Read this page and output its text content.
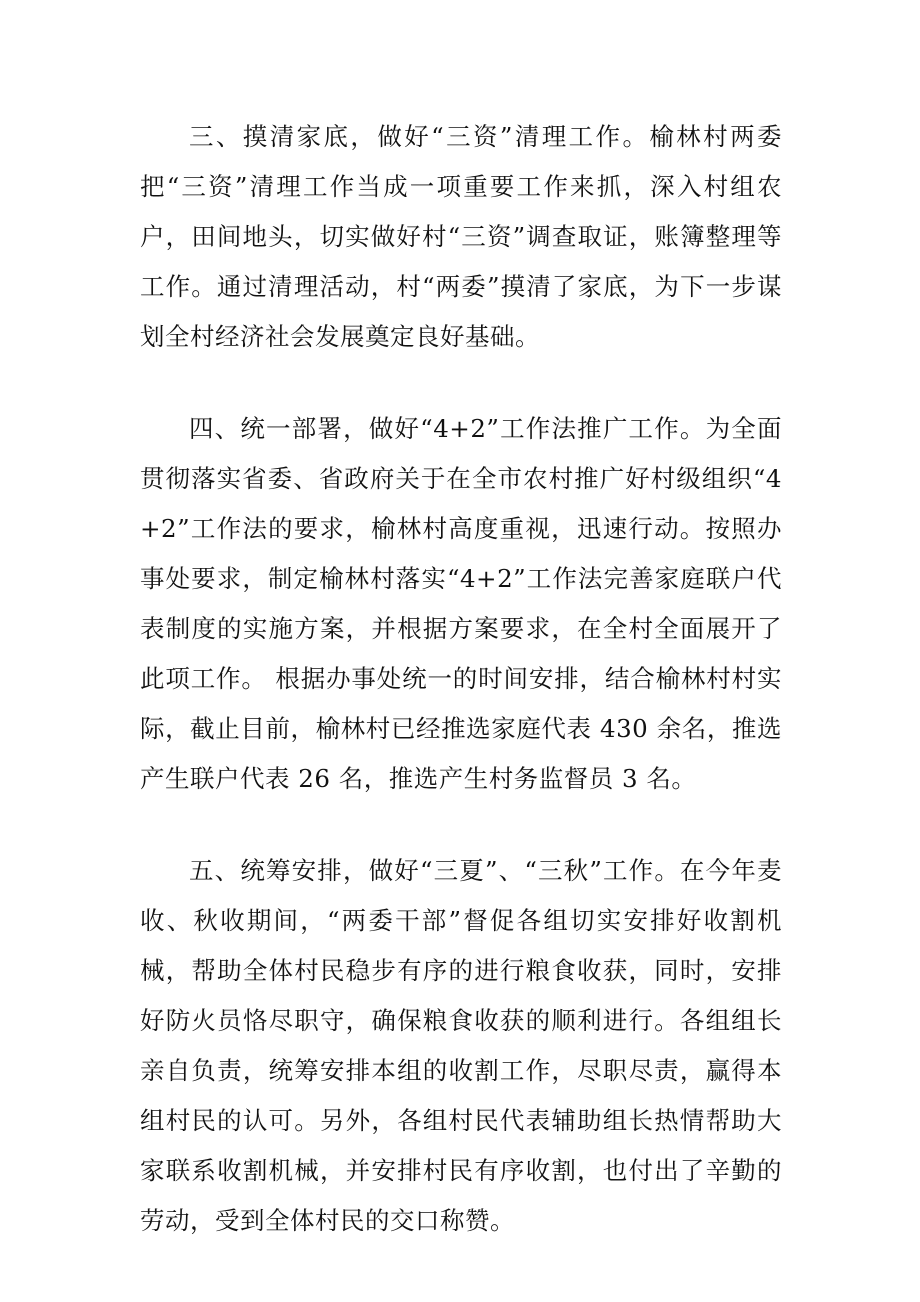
三、摸清家底，做好“三资”清理工作。榆林村两委把“三资”清理工作当成一项重要工作来抓，深入村组农户，田间地头，切实做好村“三资”调查取证，账簿整理等工作。通过清理活动，村“两委”摸清了家底，为下一步谋划全村经济社会发展奠定良好基础。

四、统一部署，做好“4+2”工作法推广工作。为全面贯彻落实省委、省政府关于在全市农村推广好村级组织“4+2”工作法的要求，榆林村高度重视，迅速行动。按照办事处要求，制定榆林村落实“4+2”工作法完善家庭联户代表制度的实施方案，并根据方案要求，在全村全面展开了此项工作。 根据办事处统一的时间安排，结合榆林村村实际，截止目前，榆林村已经推选家庭代表 430 余名，推选产生联户代表 26 名，推选产生村务监督员 3 名。

五、统筹安排，做好“三夏”、“三秋”工作。在今年麦收、秋收期间，“两委干部”督促各组切实安排好收割机械，帮助全体村民稳步有序的进行粮食收获，同时，安排好防火员恪尽职守，确保粮食收获的顺利进行。各组组长亲自负责，统筹安排本组的收割工作，尽职尽责，赢得本组村民的认可。另外，各组村民代表辅助组长热情帮助大家联系收割机械，并安排村民有序收割，也付出了辛勤的劳动，受到全体村民的交口称赞。
